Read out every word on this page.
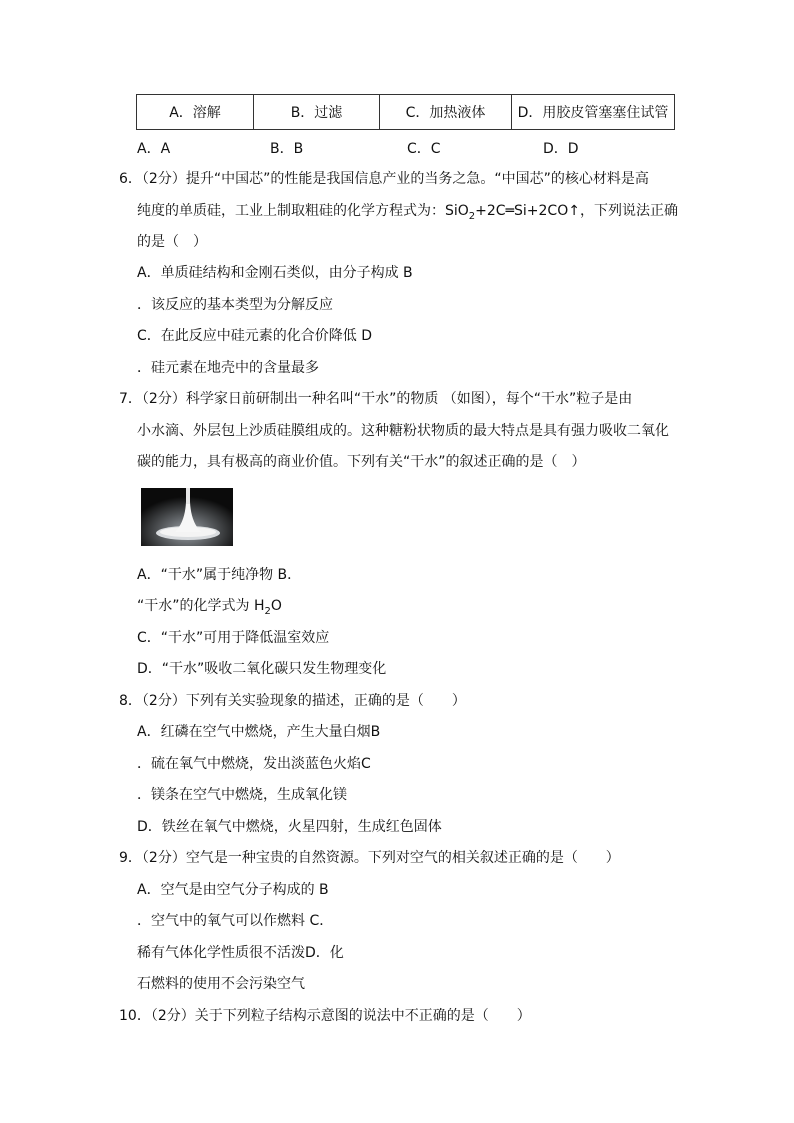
A．溶解	B．过滤	C．加热液体	D．用胶皮管塞塞住试管
A．A	B．B	C．C	D．D
6．（2分）提升“中国芯”的性能是我国信息产业的当务之急。“中国芯”的核心材料是高
纯度的单质硅，工业上制取粗硅的化学方程式为：SiO$_2$+2C═Si+2CO↑，下列说法正确
的是（　）
A．单质硅结构和金刚石类似，由分子构成 B
．该反应的基本类型为分解反应
C．在此反应中硅元素的化合价降低 D
．硅元素在地壳中的含量最多
7．（2分）科学家日前研制出一种名叫“干水”的物质 （如图），每个“干水”粒子是由
小水滴、外层包上沙质硅膜组成的。这种糖粉状物质的最大特点是具有强力吸收二氧化
碳的能力，具有极高的商业价值。下列有关“干水”的叙述正确的是（　）
A．“干水”属于纯净物 B．
“干水”的化学式为 $H_2O$
C．“干水”可用于降低温室效应
D．“干水”吸收二氧化碳只发生物理变化
8．（2分）下列有关实验现象的描述，正确的是（　　）
A．红磷在空气中燃烧，产生大量白烟B
．硫在氧气中燃烧，发出淡蓝色火焰C
．镁条在空气中燃烧，生成氧化镁
D．铁丝在氧气中燃烧，火星四射，生成红色固体
9．（2分）空气是一种宝贵的自然资源。下列对空气的相关叙述正确的是（　　）
A．空气是由空气分子构成的 B
．空气中的氧气可以作燃料 C．
稀有气体化学性质很不活泼D．化
石燃料的使用不会污染空气
10．（2分）关于下列粒子结构示意图的说法中不正确的是（　　）
